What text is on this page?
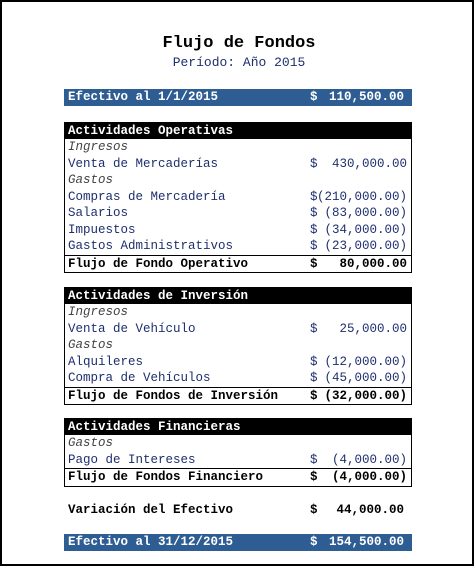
Flujo de Fondos
Período: Año 2015
Efectivo al 1/1/2015	$ 110,500.00
Actividades Operativas
Ingresos
Venta de Mercaderías	$ 430,000.00
Gastos
Compras de Mercadería	$ (210,000.00)
Salarios	$ (83,000.00)
Impuestos	$ (34,000.00)
Gastos Administrativos	$ (23,000.00)
Flujo de Fondo Operativo	$ 80,000.00
Actividades de Inversión
Ingresos
Venta de Vehículo	$ 25,000.00
Gastos
Alquileres	$ (12,000.00)
Compra de Vehículos	$ (45,000.00)
Flujo de Fondos de Inversión	$ (32,000.00)
Actividades Financieras
Gastos
Pago de Intereses	$ (4,000.00)
Flujo de Fondos Financiero	$ (4,000.00)
Variación del Efectivo	$ 44,000.00
Efectivo al 31/12/2015	$ 154,500.00
